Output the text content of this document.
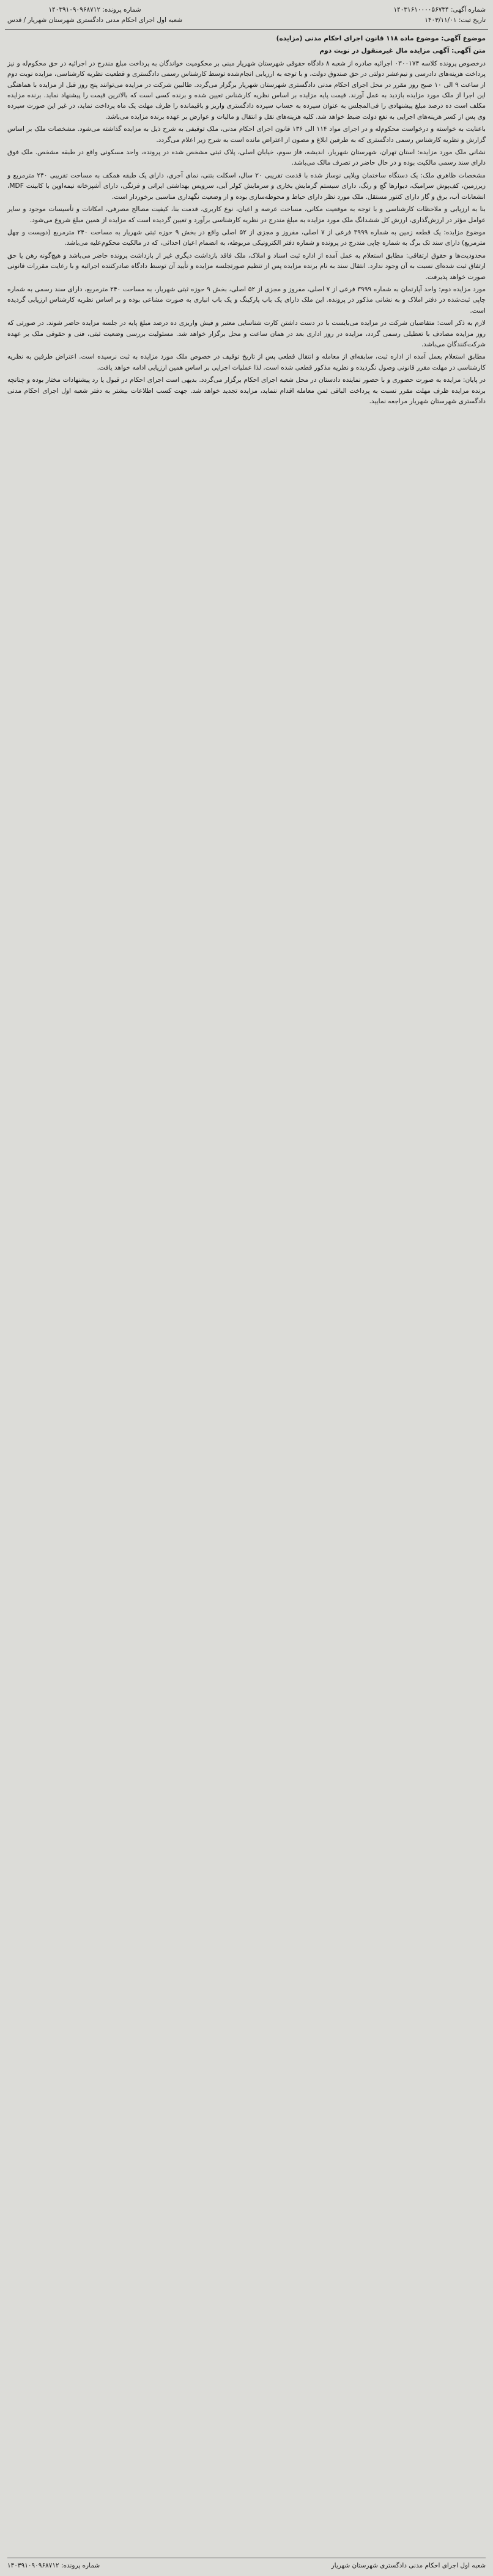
شماره آگهی: ۱۴۰۳۱۶۱۰۰۰۰۵۶۷۳۴
تاریخ ثبت: ۱۴۰۳/۱۱/۰۱
شماره پرونده: ۱۴۰۳۹۱۰۹۰۹۶۸۷۱۲
شعبه اول اجرای احکام مدنی دادگستری شهرستان شهریار / قدس

موضوع آگهی: موضوع ماده ۱۱۸ قانون اجرای احکام مدنی (مزایده)

متن آگهی: آگهی مزایده مال غیرمنقول در نوبت دوم

درخصوص پرونده کلاسه ۰۳۰۰۱۷۴ اجرائیه صادره از شعبه ۸ دادگاه حقوقی شهرستان شهریار مبنی بر محکومیت خواندگان به پرداخت مبلغ مندرج در اجرائیه در حق محکوم‌له و نیز پرداخت هزینه‌های دادرسی و نیم‌عشر دولتی در حق صندوق دولت، و با توجه به ارزیابی انجام‌شده توسط کارشناس رسمی دادگستری و قطعیت نظریه کارشناسی، مزایده نوبت دوم از ساعت ۹ الی ۱۰ صبح روز مقرر در محل اجرای احکام مدنی دادگستری شهرستان شهریار برگزار می‌گردد. طالبین شرکت در مزایده می‌توانند پنج روز قبل از مزایده با هماهنگی این اجرا از ملک مورد مزایده بازدید به عمل آورند. قیمت پایه مزایده بر اساس نظریه کارشناس تعیین شده و برنده کسی است که بالاترین قیمت را پیشنهاد نماید. برنده مزایده مکلف است ده درصد مبلغ پیشنهادی را فی‌المجلس به عنوان سپرده به حساب سپرده دادگستری واریز و باقیمانده را ظرف مهلت یک ماه پرداخت نماید، در غیر این صورت سپرده وی پس از کسر هزینه‌های اجرایی به نفع دولت ضبط خواهد شد. کلیه هزینه‌های نقل و انتقال و مالیات و عوارض بر عهده برنده مزایده می‌باشد.

باعنایت به خواسته و درخواست محکوم‌له و در اجرای مواد ۱۱۴ الی ۱۳۶ قانون اجرای احکام مدنی، ملک توقیفی به شرح ذیل به مزایده گذاشته می‌شود. مشخصات ملک بر اساس گزارش و نظریه کارشناس رسمی دادگستری که به طرفین ابلاغ و مصون از اعتراض مانده است به شرح زیر اعلام می‌گردد.

نشانی ملک مورد مزایده: استان تهران، شهرستان شهریار، اندیشه، فاز سوم، خیابان اصلی، پلاک ثبتی مشخص شده در پرونده، واحد مسکونی واقع در طبقه مشخص. ملک فوق دارای سند رسمی مالکیت بوده و در حال حاضر در تصرف مالک می‌باشد.

مشخصات ظاهری ملک: یک دستگاه ساختمان ویلایی نوساز شده با قدمت تقریبی ۲۰ سال، اسکلت بتنی، نمای آجری، دارای یک طبقه همکف به مساحت تقریبی ۲۴۰ مترمربع و زیرزمین، کف‌پوش سرامیک، دیوارها گچ و رنگ، دارای سیستم گرمایش بخاری و سرمایش کولر آبی، سرویس بهداشتی ایرانی و فرنگی، دارای آشپزخانه نیمه‌اوپن با کابینت MDF، انشعابات آب، برق و گاز دارای کنتور مستقل. ملک مورد نظر دارای حیاط و محوطه‌سازی بوده و از وضعیت نگهداری مناسبی برخوردار است.

بنا به ارزیابی و ملاحظات کارشناسی و با توجه به موقعیت مکانی، مساحت عرصه و اعیان، نوع کاربری، قدمت بنا، کیفیت مصالح مصرفی، امکانات و تأسیسات موجود و سایر عوامل مؤثر در ارزش‌گذاری، ارزش کل ششدانگ ملک مورد مزایده به مبلغ مندرج در نظریه کارشناسی برآورد و تعیین گردیده است که مزایده از همین مبلغ شروع می‌شود.

موضوع مزایده: یک قطعه زمین به شماره ۳۹۹۹ فرعی از ۷ اصلی، مفروز و مجزی از ۵۲ اصلی واقع در بخش ۹ حوزه ثبتی شهریار به مساحت ۲۴۰ مترمربع (دویست و چهل مترمربع) دارای سند تک برگ به شماره چاپی مندرج در پرونده و شماره دفتر الکترونیکی مربوطه، به انضمام اعیان احداثی، که در مالکیت محکوم‌علیه می‌باشد.

محدودیت‌ها و حقوق ارتفاقی: مطابق استعلام به عمل آمده از اداره ثبت اسناد و املاک، ملک فاقد بازداشت دیگری غیر از بازداشت پرونده حاضر می‌باشد و هیچ‌گونه رهن یا حق ارتفاق ثبت شده‌ای نسبت به آن وجود ندارد. انتقال سند به نام برنده مزایده پس از تنظیم صورتجلسه مزایده و تأیید آن توسط دادگاه صادرکننده اجرائیه و با رعایت مقررات قانونی صورت خواهد پذیرفت.

مورد مزایده دوم: واحد آپارتمان به شماره ۳۹۹۹ فرعی از ۷ اصلی، مفروز و مجزی از ۵۲ اصلی، بخش ۹ حوزه ثبتی شهریار، به مساحت ۲۴۰ مترمربع، دارای سند رسمی به شماره چاپی ثبت‌شده در دفتر املاک و به نشانی مذکور در پرونده. این ملک دارای یک باب پارکینگ و یک باب انباری به صورت مشاعی بوده و بر اساس نظریه کارشناس ارزیابی گردیده است.

لازم به ذکر است: متقاضیان شرکت در مزایده می‌بایست با در دست داشتن کارت شناسایی معتبر و فیش واریزی ده درصد مبلغ پایه در جلسه مزایده حاضر شوند. در صورتی که روز مزایده مصادف با تعطیلی رسمی گردد، مزایده در روز اداری بعد در همان ساعت و محل برگزار خواهد شد. مسئولیت بررسی وضعیت ثبتی، فنی و حقوقی ملک بر عهده شرکت‌کنندگان می‌باشد.

مطابق استعلام بعمل آمده از اداره ثبت، سابقه‌ای از معامله و انتقال قطعی پس از تاریخ توقیف در خصوص ملک مورد مزایده به ثبت نرسیده است. اعتراض طرفین به نظریه کارشناسی در مهلت مقرر قانونی وصول نگردیده و نظریه مذکور قطعی شده است. لذا عملیات اجرایی بر اساس همین ارزیابی ادامه خواهد یافت.

در پایان: مزایده به صورت حضوری و با حضور نماینده دادستان در محل شعبه اجرای احکام برگزار می‌گردد. بدیهی است اجرای احکام در قبول یا رد پیشنهادات مختار بوده و چنانچه برنده مزایده ظرف مهلت مقرر نسبت به پرداخت الباقی ثمن معامله اقدام ننماید، مزایده تجدید خواهد شد. جهت کسب اطلاعات بیشتر به دفتر شعبه اول اجرای احکام مدنی دادگستری شهرستان شهریار مراجعه نمایید.

شعبه اول اجرای احکام مدنی دادگستری شهرستان شهریار
شماره پرونده: ۱۴۰۳۹۱۰۹۰۹۶۸۷۱۲
